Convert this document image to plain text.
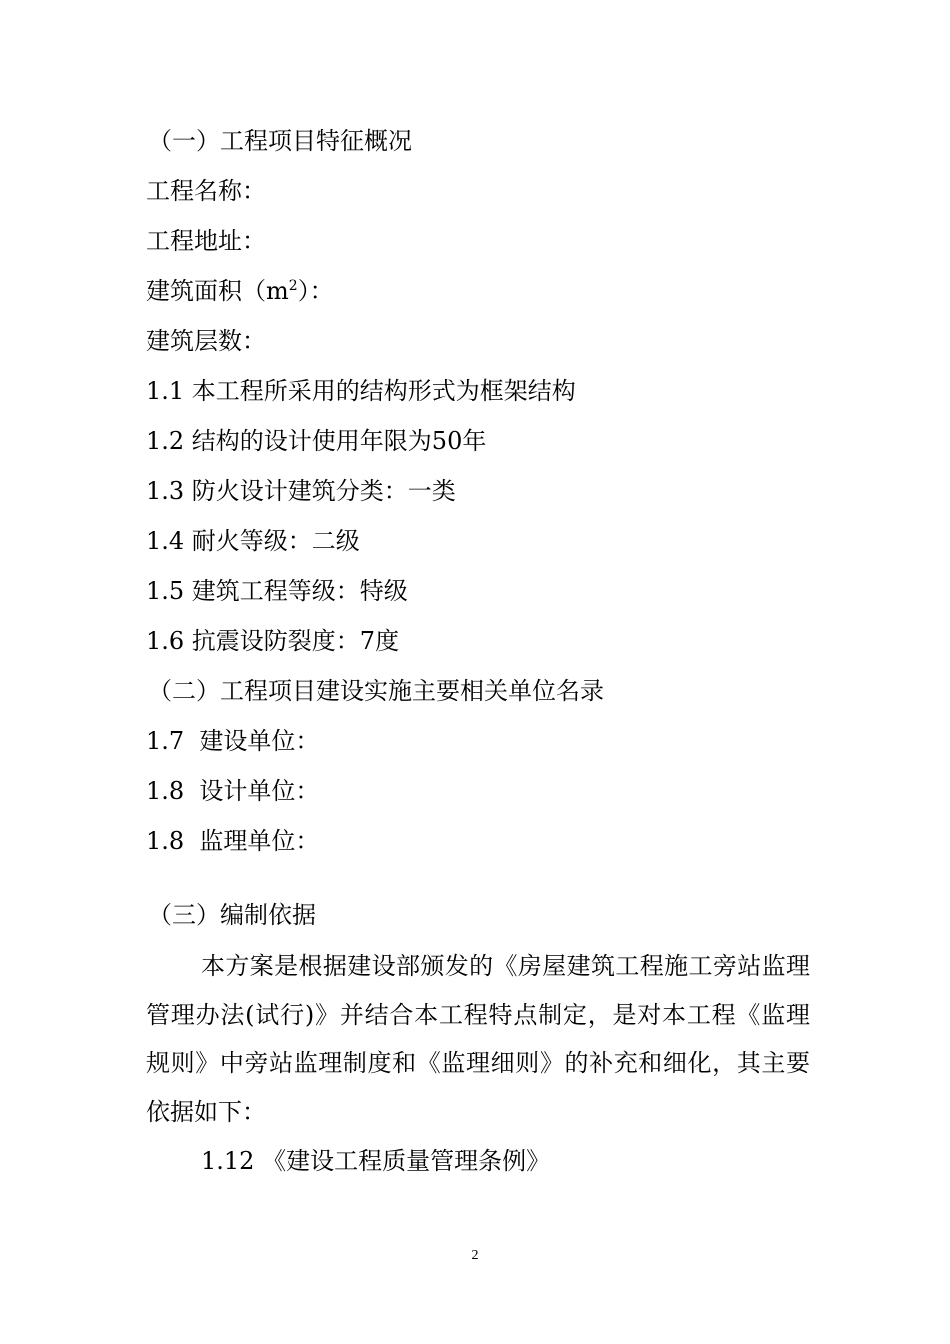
（一）工程项目特征概况
工程名称：
工程地址：
建筑面积$(m^2)$：
建筑层数：
1.1 本工程所采用的结构形式为框架结构
1.2 结构的设计使用年限为50年
1.3 防火设计建筑分类：一类
1.4 耐火等级：二级
1.5 建筑工程等级：特级
1.6 抗震设防裂度：7度
（二）工程项目建设实施主要相关单位名录
1.7  建设单位：
1.8  设计单位：
1.8  监理单位：
（三）编制依据
本方案是根据建设部颁发的《房屋建筑工程施工旁站监理管理办法(试行)》并结合本工程特点制定，是对本工程《监理规则》中旁站监理制度和《监理细则》的补充和细化，其主要依据如下：
1.12 《建设工程质量管理条例》
2
